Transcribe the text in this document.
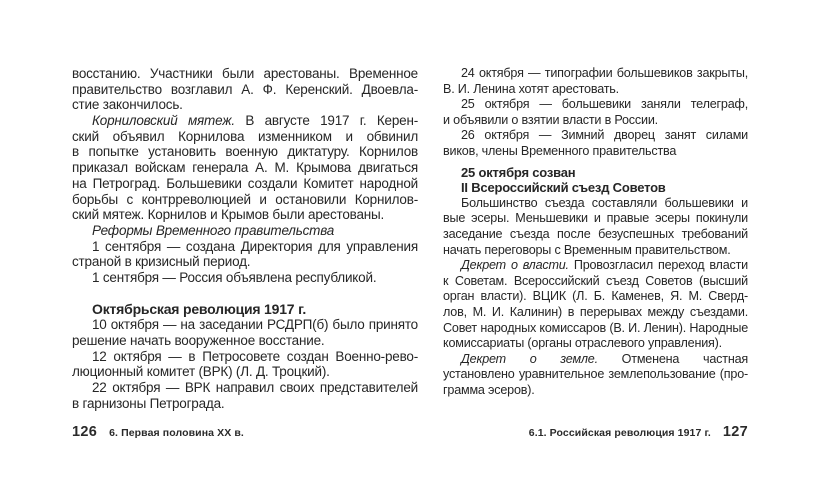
восстанию. Участники были арестованы. Временное
правительство возглавил А. Ф. Керенский. Двоевла-
стие закончилось.
Корниловский мятеж. В августе 1917 г. Керен-
ский объявил Корнилова изменником и обвинил
в попытке установить военную диктатуру. Корнилов
приказал войскам генерала А. М. Крымова двигаться
на Петроград. Большевики создали Комитет народной
борьбы с контрреволюцией и остановили Корнилов-
ский мятеж. Корнилов и Крымов были арестованы.
Реформы Временного правительства
1 сентября — создана Директория для управления
страной в кризисный период.
1 сентября — Россия объявлена республикой.
Октябрьская революция 1917 г.
10 октября — на заседании РСДРП(б) было принято
решение начать вооруженное восстание.
12 октября — в Петросовете создан Военно-рево-
люционный комитет (ВРК) (Л. Д. Троцкий).
22 октября — ВРК направил своих представителей
в гарнизоны Петрограда.
24 октября — типографии большевиков закрыты,
В. И. Ленина хотят арестовать.
25 октября — большевики заняли телеграф,
и объявили о взятии власти в России.
26 октября — Зимний дворец занят силами
виков, члены Временного правительства
25 октября созван
II Всероссийский съезд Советов
Большинство съезда составляли большевики и
вые эсеры. Меньшевики и правые эсеры покинули
заседание съезда после безуспешных требований
начать переговоры с Временным правительством.
Декрет о власти. Провозгласил переход власти
к Советам. Всероссийский съезд Советов (высший
орган власти). ВЦИК (Л. Б. Каменев, Я. М. Сверд-
лов, М. И. Калинин) в перерывах между съездами.
Совет народных комиссаров (В. И. Ленин). Народные
комиссариаты (органы отраслевого управления).
Декрет о земле. Отменена частная
установлено уравнительное землепользование (про-
грамма эсеров).
126 6. Первая половина XX в.	6.1. Российская революция 1917 г. 127
